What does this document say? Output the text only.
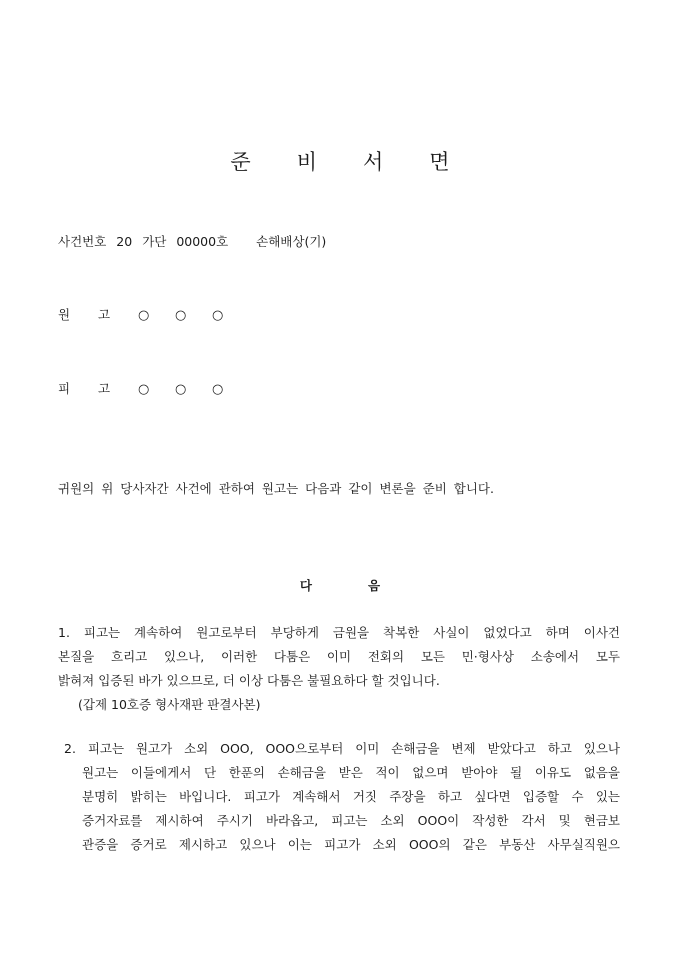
준비서면
사건번호 20 가단 00000호 손해배상(기)
원 고 ○ ○ ○
피 고 ○ ○ ○
귀원의 위 당사자간 사건에 관하여 원고는 다음과 같이 변론을 준비 합니다.
다	음
1. 피고는 계속하여 원고로부터 부당하게 금원을 착복한 사실이 없었다고 하며 이사건
본질을 흐리고 있으나, 이러한 다툼은 이미 전회의 모든 민·형사상 소송에서 모두
밝혀져 입증된 바가 있으므로, 더 이상 다툼은 불필요하다 할 것입니다.
(갑제 10호증 형사재판 판결사본)
2. 피고는 원고가 소외 OOO, OOO으로부터 이미 손해금을 변제 받았다고 하고 있으나
원고는 이들에게서 단 한푼의 손해금을 받은 적이 없으며 받아야 될 이유도 없음을
분명히 밝히는 바입니다. 피고가 계속해서 거짓 주장을 하고 싶다면 입증할 수 있는
증거자료를 제시하여 주시기 바라옵고, 피고는 소외 OOO이 작성한 각서 및 현금보
관증을 증거로 제시하고 있으나 이는 피고가 소외 OOO의 같은 부동산 사무실직원으
